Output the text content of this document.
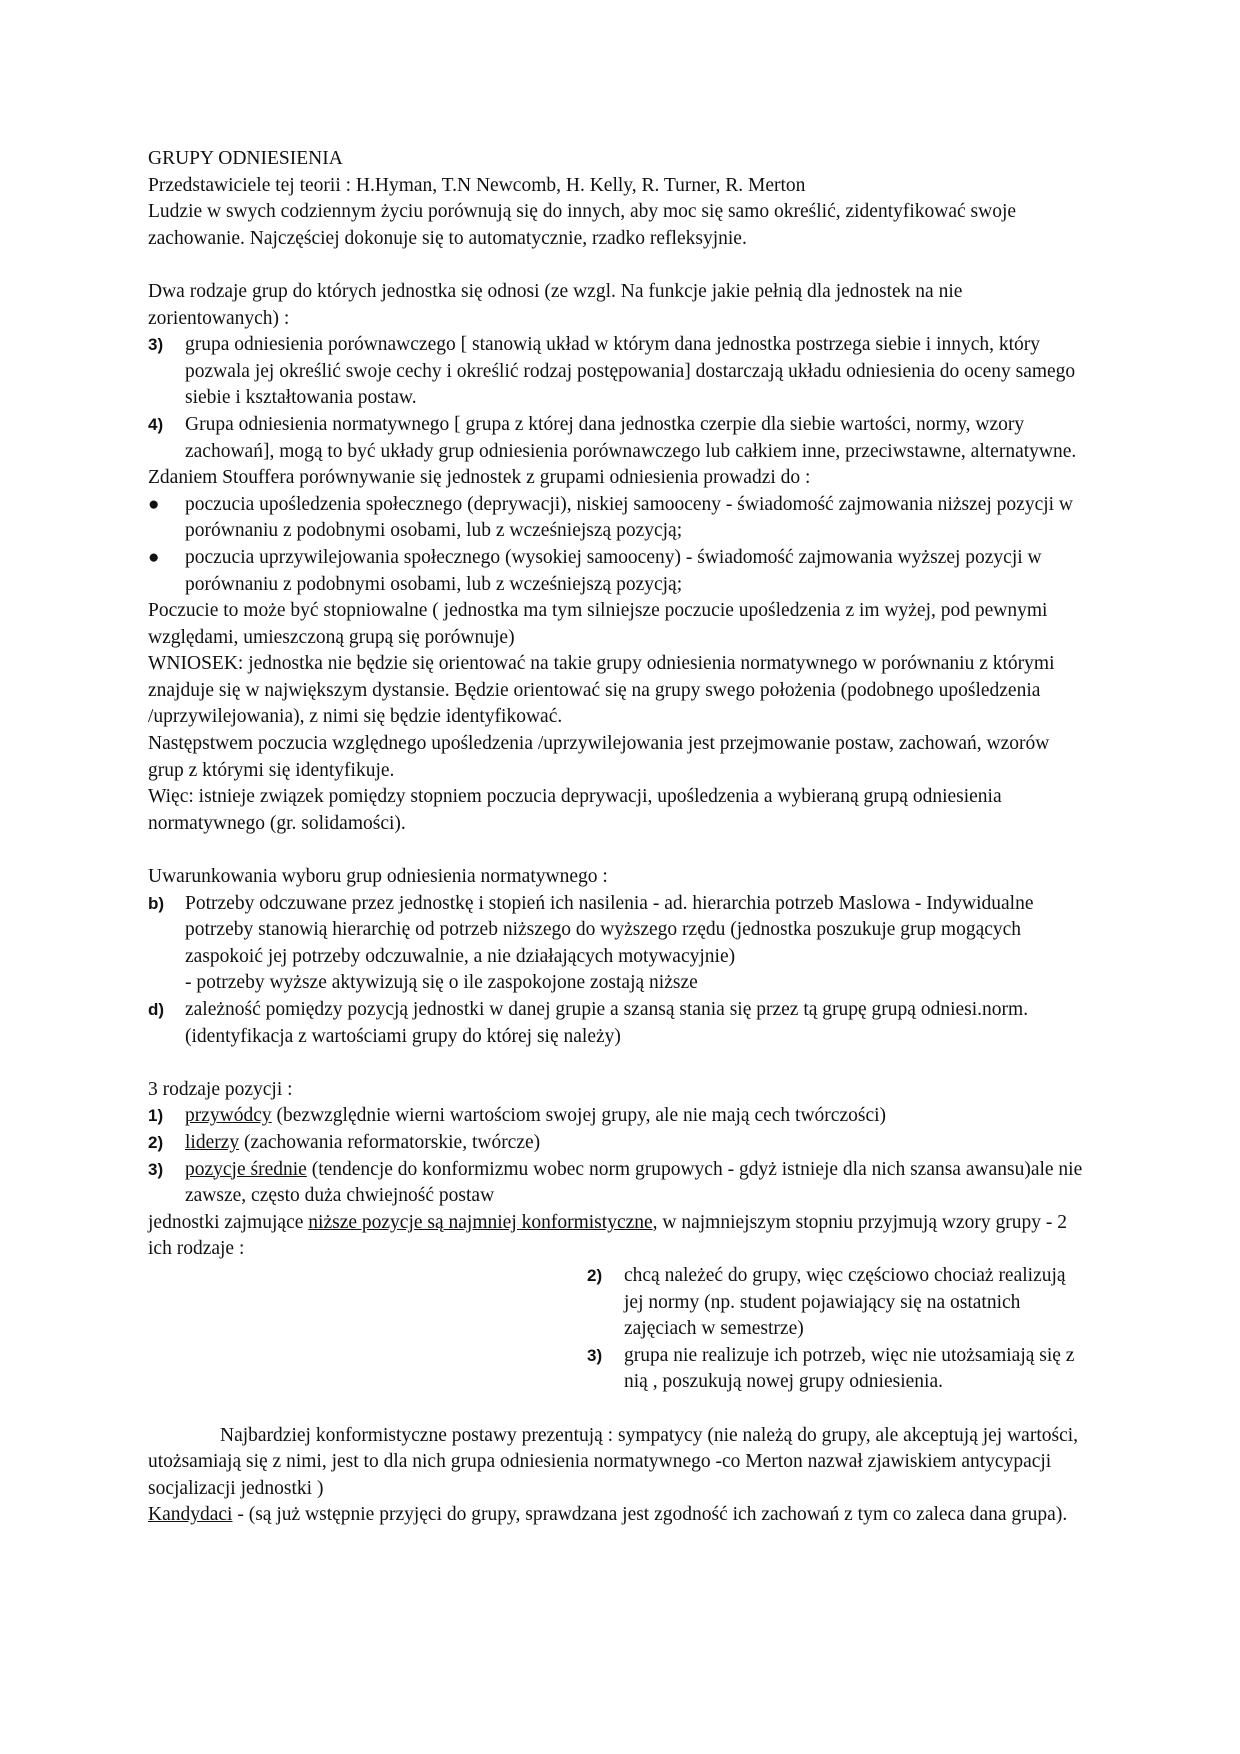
GRUPY ODNIESIENIA

Przedstawiciele tej teorii : H.Hyman, T.N Newcomb, H. Kelly, R. Turner, R. Merton

Ludzie w swych codziennym życiu porównują się do innych, aby moc się samo określić, zidentyfikować swoje zachowanie. Najczęściej dokonuje się to automatycznie, rzadko refleksyjnie.

Dwa rodzaje grup do których jednostka się odnosi (ze wzgl. Na funkcje jakie pełnią dla jednostek na nie zorientowanych) :

3)	grupa odniesienia porównawczego [ stanowią układ w którym dana jednostka postrzega siebie i innych, który pozwala jej określić swoje cechy i określić rodzaj postępowania] dostarczają układu odniesienia do oceny samego siebie i kształtowania postaw.
4)	Grupa odniesienia normatywnego [ grupa z której dana jednostka czerpie dla siebie wartości, normy, wzory zachowań], mogą to być układy grup odniesienia porównawczego lub całkiem inne, przeciwstawne, alternatywne.

Zdaniem Stouffera porównywanie się jednostek z grupami odniesienia prowadzi do :

●	poczucia upośledzenia społecznego (deprywacji), niskiej samooceny - świadomość zajmowania niższej pozycji w porównaniu z podobnymi osobami, lub z wcześniejszą pozycją;
●	poczucia uprzywilejowania społecznego (wysokiej samooceny) - świadomość zajmowania wyższej pozycji w porównaniu z podobnymi osobami, lub z wcześniejszą pozycją;

Poczucie to może być stopniowalne ( jednostka ma tym silniejsze poczucie upośledzenia z im wyżej, pod pewnymi względami, umieszczoną grupą się porównuje)

WNIOSEK: jednostka nie będzie się orientować na takie grupy odniesienia normatywnego w porównaniu z którymi znajduje się w największym dystansie. Będzie orientować się na grupy swego położenia (podobnego upośledzenia /uprzywilejowania), z nimi się będzie identyfikować.

Następstwem poczucia względnego upośledzenia /uprzywilejowania jest przejmowanie postaw, zachowań, wzorów grup z którymi się identyfikuje.

Więc: istnieje związek pomiędzy stopniem poczucia deprywacji, upośledzenia a wybieraną grupą odniesienia normatywnego (gr. solidamości).

Uwarunkowania wyboru grup odniesienia normatywnego :

b)	Potrzeby odczuwane przez jednostkę i stopień ich nasilenia - ad. hierarchia potrzeb Maslowa - Indywidualne potrzeby stanowią hierarchię od potrzeb niższego do wyższego rzędu (jednostka poszukuje grup mogących zaspokoić jej potrzeby odczuwalnie, a nie działających motywacyjnie)
- potrzeby wyższe aktywizują się o ile zaspokojone zostają niższe
d)	zależność pomiędzy pozycją jednostki w danej grupie a szansą stania się przez tą grupę grupą odniesi.norm. (identyfikacja z wartościami grupy do której się należy)

3 rodzaje pozycji :

1)	przywódcy (bezwzględnie wierni wartościom swojej grupy, ale nie mają cech twórczości)
2)	liderzy (zachowania reformatorskie, twórcze)
3)	pozycje średnie (tendencje do konformizmu wobec norm grupowych - gdyż istnieje dla nich szansa awansu)ale nie zawsze, często duża chwiejność postaw

jednostki zajmujące niższe pozycje są najmniej konformistyczne, w najmniejszym stopniu przyjmują wzory grupy - 2 ich rodzaje :

2)	chcą należeć do grupy, więc częściowo chociaż realizują jej normy (np. student pojawiający się na ostatnich zajęciach w semestrze)
3)	grupa nie realizuje ich potrzeb, więc nie utożsamiają się z nią , poszukują nowej grupy odniesienia.

Najbardziej konformistyczne postawy prezentują : sympatycy (nie należą do grupy, ale akceptują jej wartości, utożsamiają się z nimi, jest to dla nich grupa odniesienia normatywnego -co Merton nazwał zjawiskiem antycypacji socjalizacji jednostki )

Kandydaci - (są już wstępnie przyjęci do grupy, sprawdzana jest zgodność ich zachowań z tym co zaleca dana grupa).
